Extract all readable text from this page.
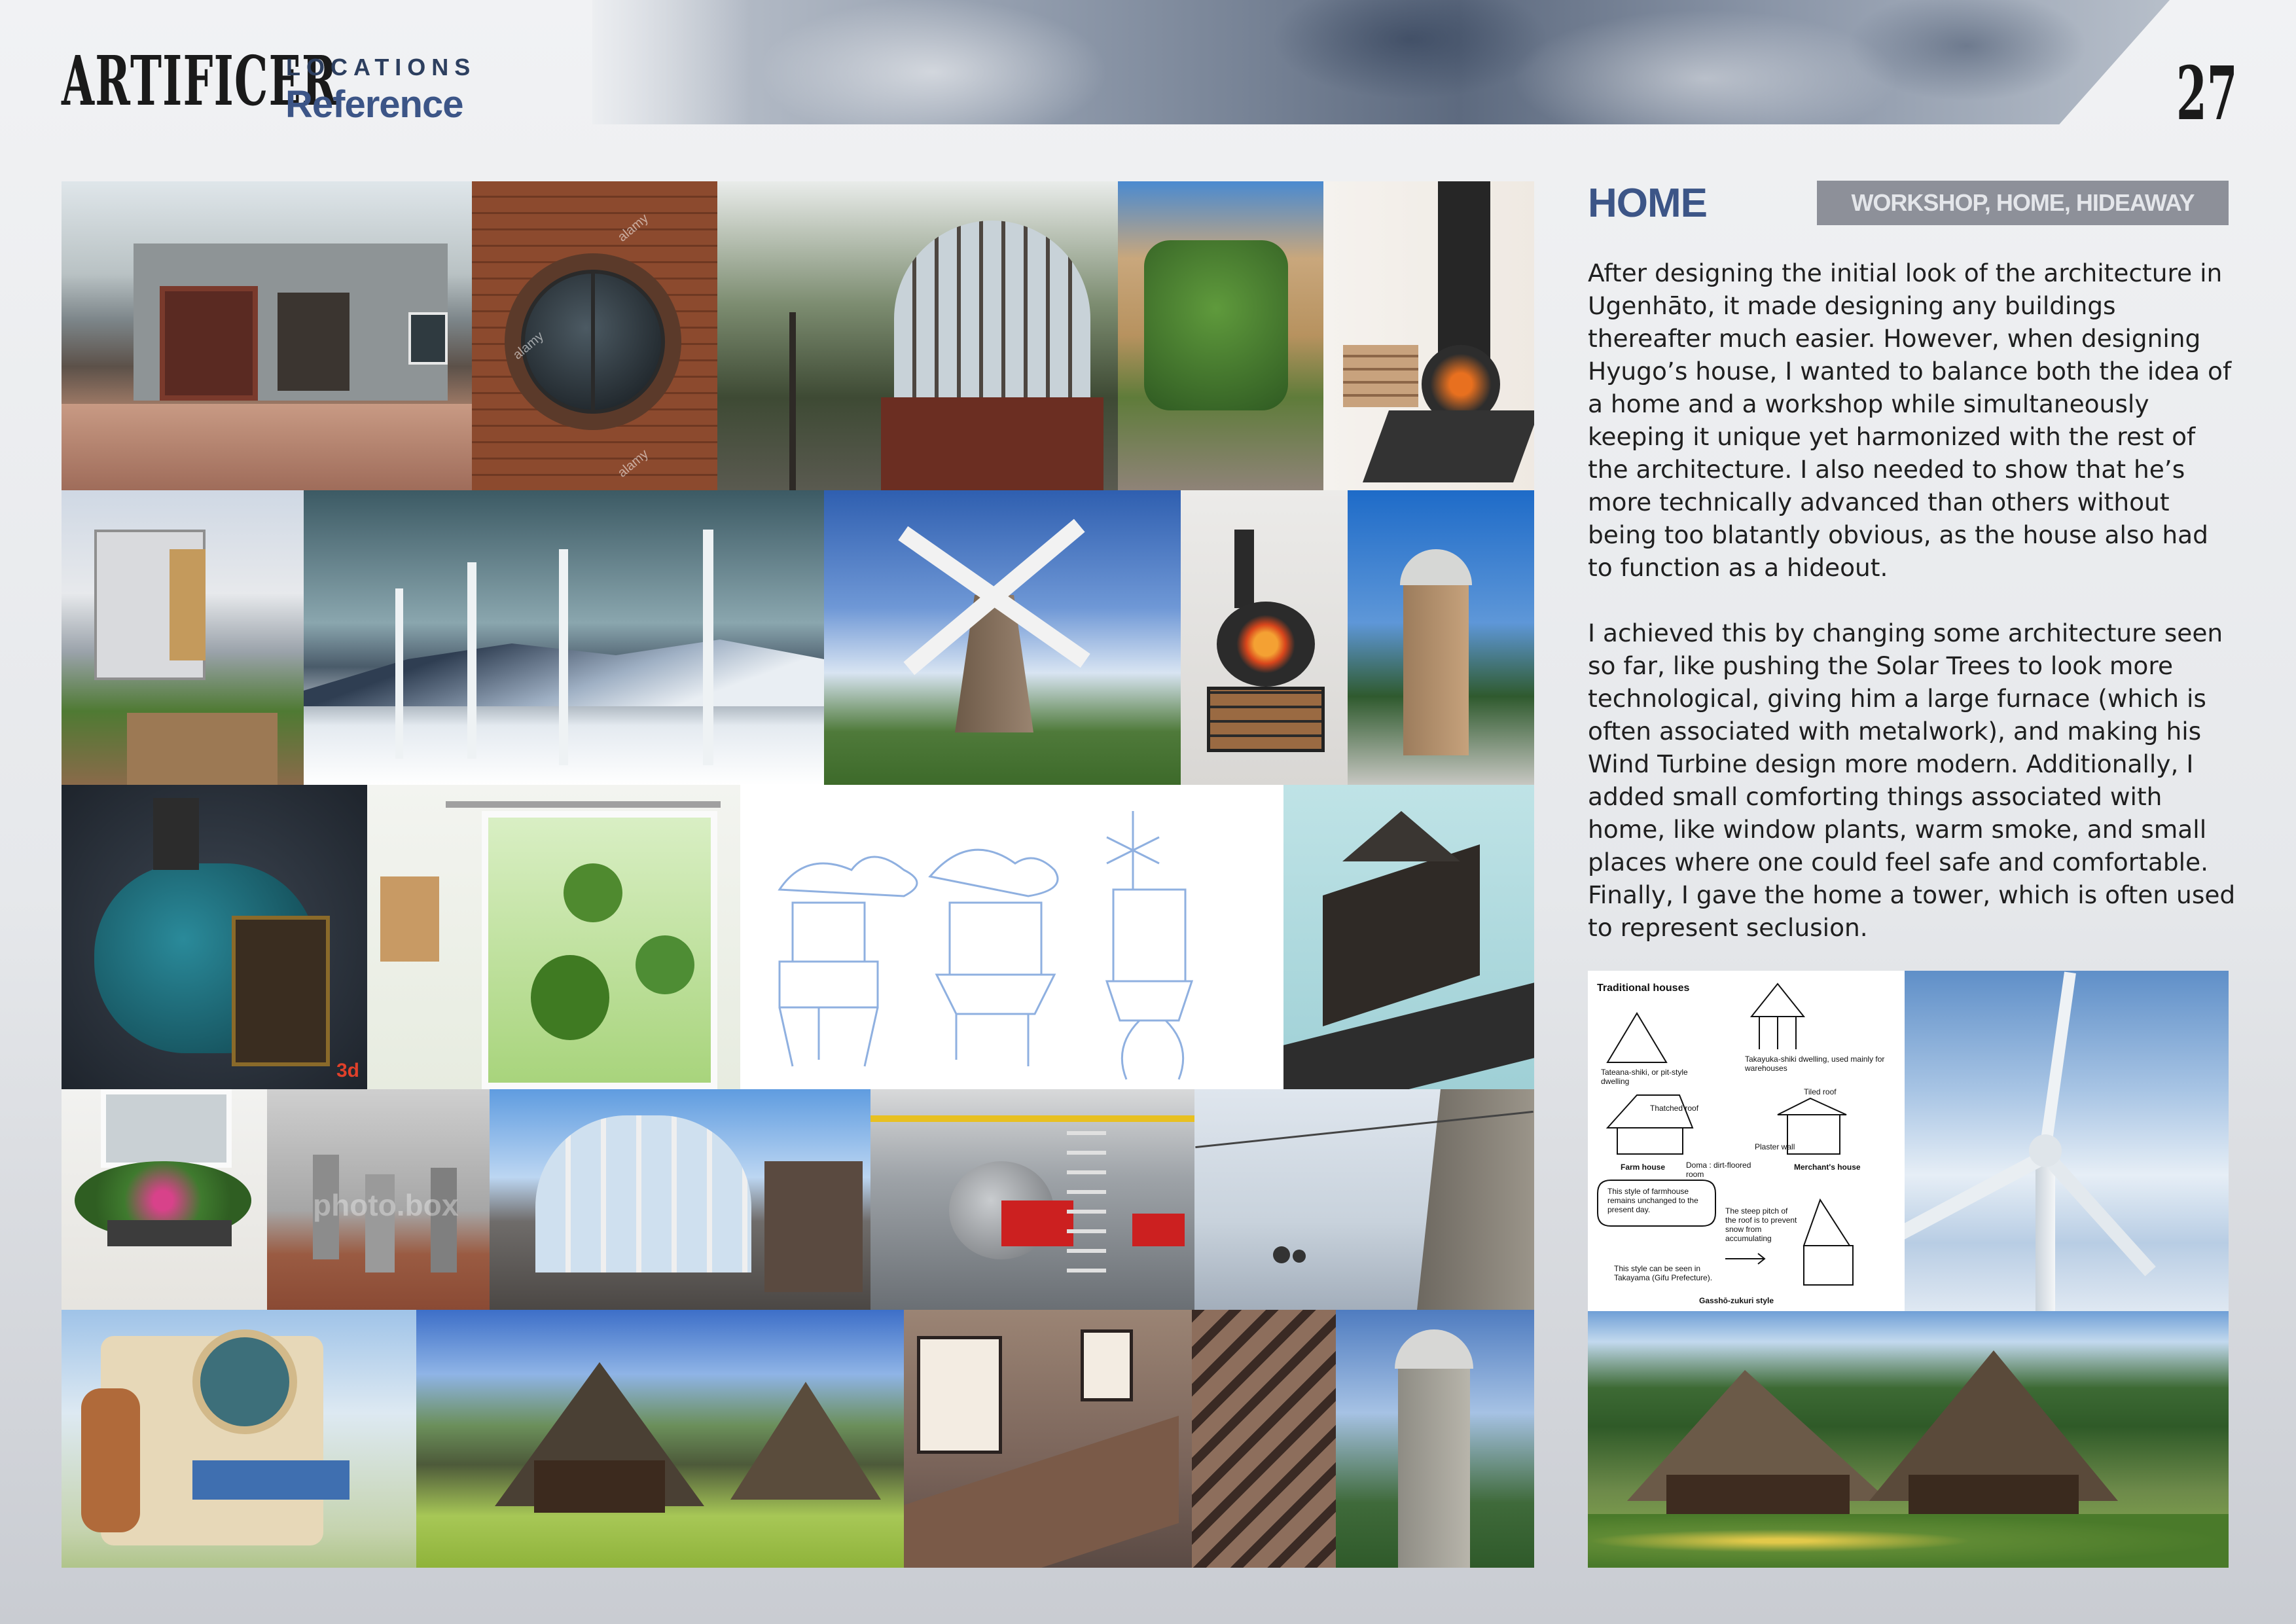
ARTIFICER
LOCATIONS
Reference	27
alamy
alamy
alamy
3d
photo.box
HOME	WORKSHOP, HOME, HIDEAWAY

After designing the initial look of the architecture in Ugenhāto, it made designing any buildings thereafter much easier. However, when designing Hyugo’s house, I wanted to balance both the idea of a home and a workshop while simultaneously keeping it unique yet harmonized with the rest of the architecture. I also needed to show that he’s more technically advanced than others without being too blatantly obvious, as the house also had to function as a hideout.

I achieved this by changing some architecture seen so far, like pushing the Solar Trees to look more technological, giving him a large furnace (which is often associated with metalwork), and making his Wind Turbine design more modern. Additionally, I added small comforting things associated with home, like window plants, warm smoke, and small places where one could feel safe and comfortable. Finally, I gave the home a tower, which is often used to represent seclusion.

Traditional houses
Tateana-shiki, or pit-style dwelling
Takayuka-shiki dwelling, used mainly for warehouses
Tiled roof
Thatched roof
Plaster wall
Farm house	Doma : dirt-floored room
Merchant's house
This style of farmhouse remains unchanged to the present day.	The steep pitch of the roof is to prevent snow from accumulating
This style can be seen in Takayama (Gifu Prefecture).
Gasshō-zukuri style
